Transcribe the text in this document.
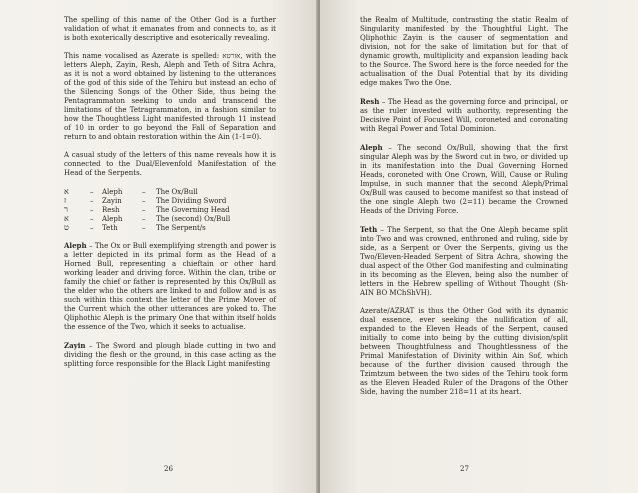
The spelling of this name of the Other God is a further validation of what it emanates from and connects to, as it is both exoterically descriptive and esoterically revealing.

This name vocalised as Azerate is spelled: אזרטא, with the letters Aleph, Zayin, Resh, Aleph and Teth of Sitra Achra, as it is not a word obtained by listening to the utterances of the god of this side of the Tehiru but instead an echo of the Silencing Songs of the Other Side, thus being the Pentagrammaton seeking to undo and transcend the limitations of the Tetragrammaton, in a fashion similar to how the Thoughtless Light manifested through 11 instead of 10 in order to go beyond the Fall of Separation and return to and obtain restoration within the Ain (1-1=0).

A casual study of the letters of this name reveals how it is connected to the Dual/Elevenfold Manifestation of the Head of the Serpents.

א	–	Aleph	–	The Ox/Bull
ז	–	Zayin	–	The Dividing Sword
ר	–	Resh	–	The Governing Head
א	–	Aleph	–	The (second) Ox/Bull
ט	–	Teth	–	The Serpent/s

Aleph – The Ox or Bull exemplifying strength and power is a letter depicted in its primal form as the Head of a Horned Bull, representing a chieftain or other hard working leader and driving force. Within the clan, tribe or family the chief or father is represented by this Ox/Bull as the elder who the others are linked to and follow and is as such within this context the letter of the Prime Mover of the Current which the other utterances are yoked to. The Qliphothic Aleph is the primary One that within itself holds the essence of the Two, which it seeks to actualise.

Zayin – The Sword and plough blade cutting in two and dividing the flesh or the ground, in this case acting as the splitting force responsible for the Black Light manifesting

26

the Realm of Multitude, contrasting the static Realm of Singularity manifested by the Thoughtful Light. The Qliphothic Zayin is the causer of segmentation and division, not for the sake of limitation but for that of dynamic growth, multiplicity and expansion leading back to the Source. The Sword here is the force needed for the actualisation of the Dual Potential that by its dividing edge makes Two the One.

Resh – The Head as the governing force and principal, or as the ruler invested with authority, representing the Decisive Point of Focused Will, coroneted and coronating with Regal Power and Total Dominion.

Aleph – The second Ox/Bull, showing that the first singular Aleph was by the Sword cut in two, or divided up in its manifestation into the Dual Governing Horned Heads, coroneted with One Crown, Will, Cause or Ruling Impulse, in such manner that the second Aleph/Primal Ox/Bull was caused to become manifest so that instead of the one single Aleph two (2=11) became the Crowned Heads of the Driving Force.

Teth – The Serpent, so that the One Aleph became split into Two and was crowned, enthroned and ruling, side by side, as a Serpent or Over the Serpents, giving us the Two/Eleven-Headed Serpent of Sitra Achra, showing the dual aspect of the Other God manifesting and culminating in its becoming as the Eleven, being also the number of letters in the Hebrew spelling of Without Thought (Sh-AIN BO MChShVH).

Azerate/AZRAT is thus the Other God with its dynamic dual essence, ever seeking the nullification of all, expanded to the Eleven Heads of the Serpent, caused initially to come into being by the cutting division/split between Thoughtfulness and Thoughtlessness of the Primal Manifestation of Divinity within Ain Sof, which because of the further division caused through the Tzimtzum between the two sides of the Tehiru took form as the Eleven Headed Ruler of the Dragons of the Other Side, having the number 218=11 at its heart.

27
